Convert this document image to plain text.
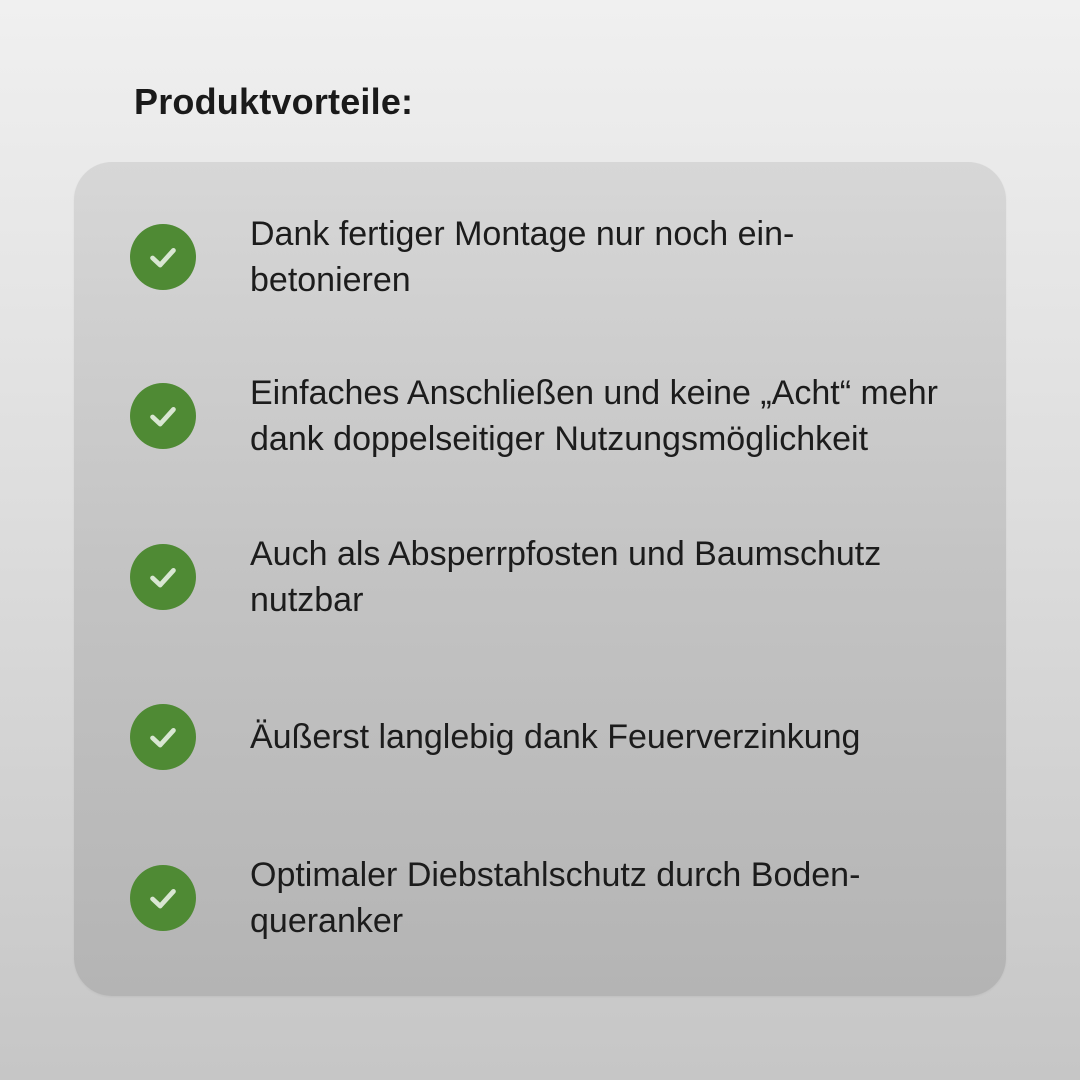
Produktvorteile:

Dank fertiger Montage nur noch ein-
betonieren

Einfaches Anschließen und keine „Acht“ mehr
dank doppelseitiger Nutzungsmöglichkeit

Auch als Absperrpfosten und Baumschutz
nutzbar

Äußerst langlebig dank Feuerverzinkung

Optimaler Diebstahlschutz durch Boden-
queranker
